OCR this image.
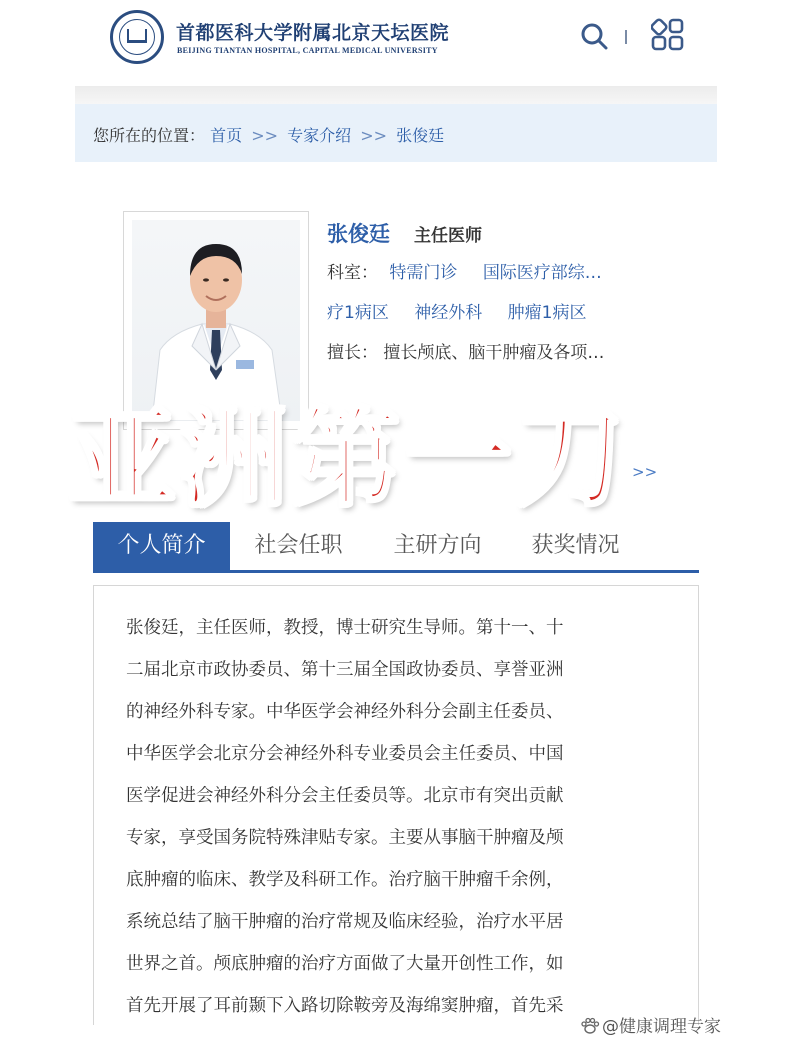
首都医科大学附属北京天坛医院
BEIJING TIANTAN HOSPITAL, CAPITAL MEDICAL UNIVERSITY
您所在的位置： 首页 >> 专家介绍 >> 张俊廷
张俊廷 主任医师
科室： 特需门诊 国际医疗部综…
疗1病区 神经外科 肿瘤1病区
擅长： 擅长颅底、脑干肿瘤及各项…
>>
个人简介	社会任职	主研方向	获奖情况
张俊廷，主任医师，教授，博士研究生导师。第十一、十
二届北京市政协委员、第十三届全国政协委员、享誉亚洲
的神经外科专家。中华医学会神经外科分会副主任委员、
中华医学会北京分会神经外科专业委员会主任委员、中国
医学促进会神经外科分会主任委员等。北京市有突出贡献
专家，享受国务院特殊津贴专家。主要从事脑干肿瘤及颅
底肿瘤的临床、教学及科研工作。治疗脑干肿瘤千余例，
系统总结了脑干肿瘤的治疗常规及临床经验，治疗水平居
世界之首。颅底肿瘤的治疗方面做了大量开创性工作，如
首先开展了耳前颞下入路切除鞍旁及海绵窦肿瘤，首先采
亚洲第一刀
@健康调理专家
